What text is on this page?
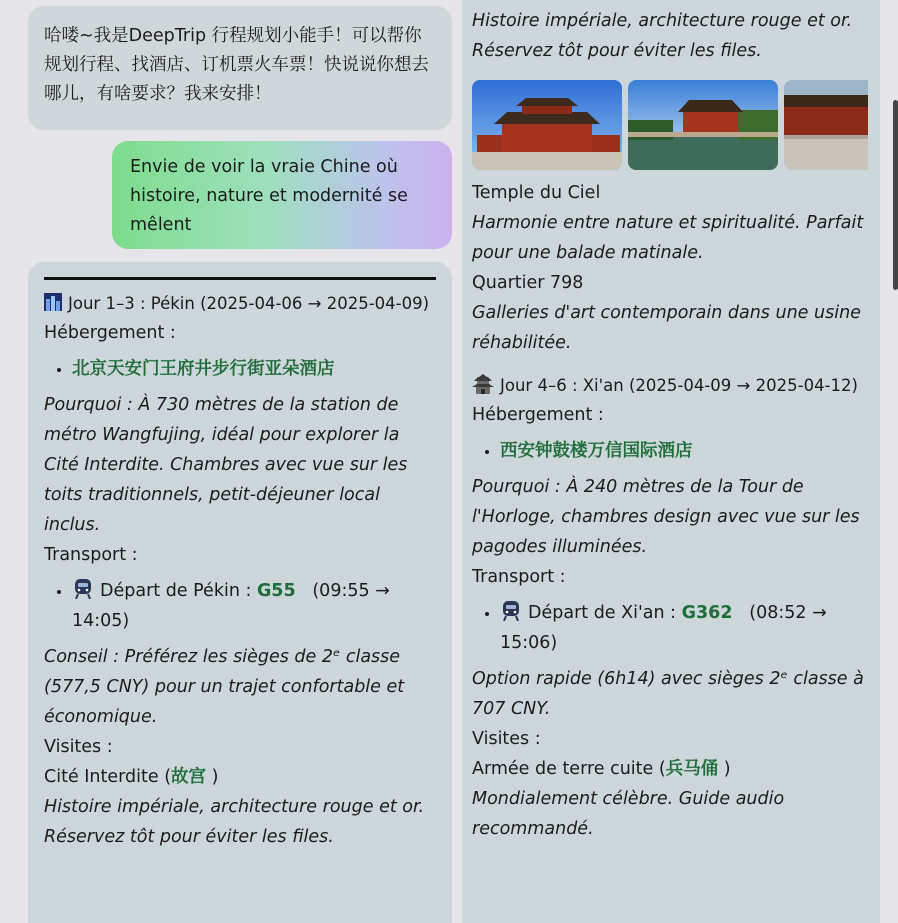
哈喽~我是DeepTrip 行程规划小能手！可以帮你规划行程、找酒店、订机票火车票！快说说你想去哪儿，有啥要求？我来安排！
Envie de voir la vraie Chine où histoire, nature et modernité se mêlent

Jour 1–3 : Pékin (2025-04-06 → 2025-04-09)

Hébergement :

• 北京天安门王府井步行街亚朵酒店

Pourquoi : À 730 mètres de la station de métro Wangfujing, idéal pour explorer la Cité Interdite. Chambres avec vue sur les toits traditionnels, petit-déjeuner local inclus.

Transport :

• Départ de Pékin : G55 (09:55 → 14:05)

Conseil : Préférez les sièges de 2ᵉ classe (577,5 CNY) pour un trajet confortable et économique.

Visites :

Cité Interdite (故宫 )

Histoire impériale, architecture rouge et or. Réservez tôt pour éviter les files.

Histoire impériale, architecture rouge et or. Réservez tôt pour éviter les files.

Temple du Ciel

Harmonie entre nature et spiritualité. Parfait pour une balade matinale.

Quartier 798

Galleries d'art contemporain dans une usine réhabilitée.

Jour 4–6 : Xi'an (2025-04-09 → 2025-04-12)

Hébergement :

• 西安钟鼓楼万信国际酒店

Pourquoi : À 240 mètres de la Tour de l'Horloge, chambres design avec vue sur les pagodes illuminées.

Transport :

• Départ de Xi'an : G362 (08:52 → 15:06)

Option rapide (6h14) avec sièges 2ᵉ classe à 707 CNY.

Visites :

Armée de terre cuite (兵马俑 )

Mondialement célèbre. Guide audio recommandé.
